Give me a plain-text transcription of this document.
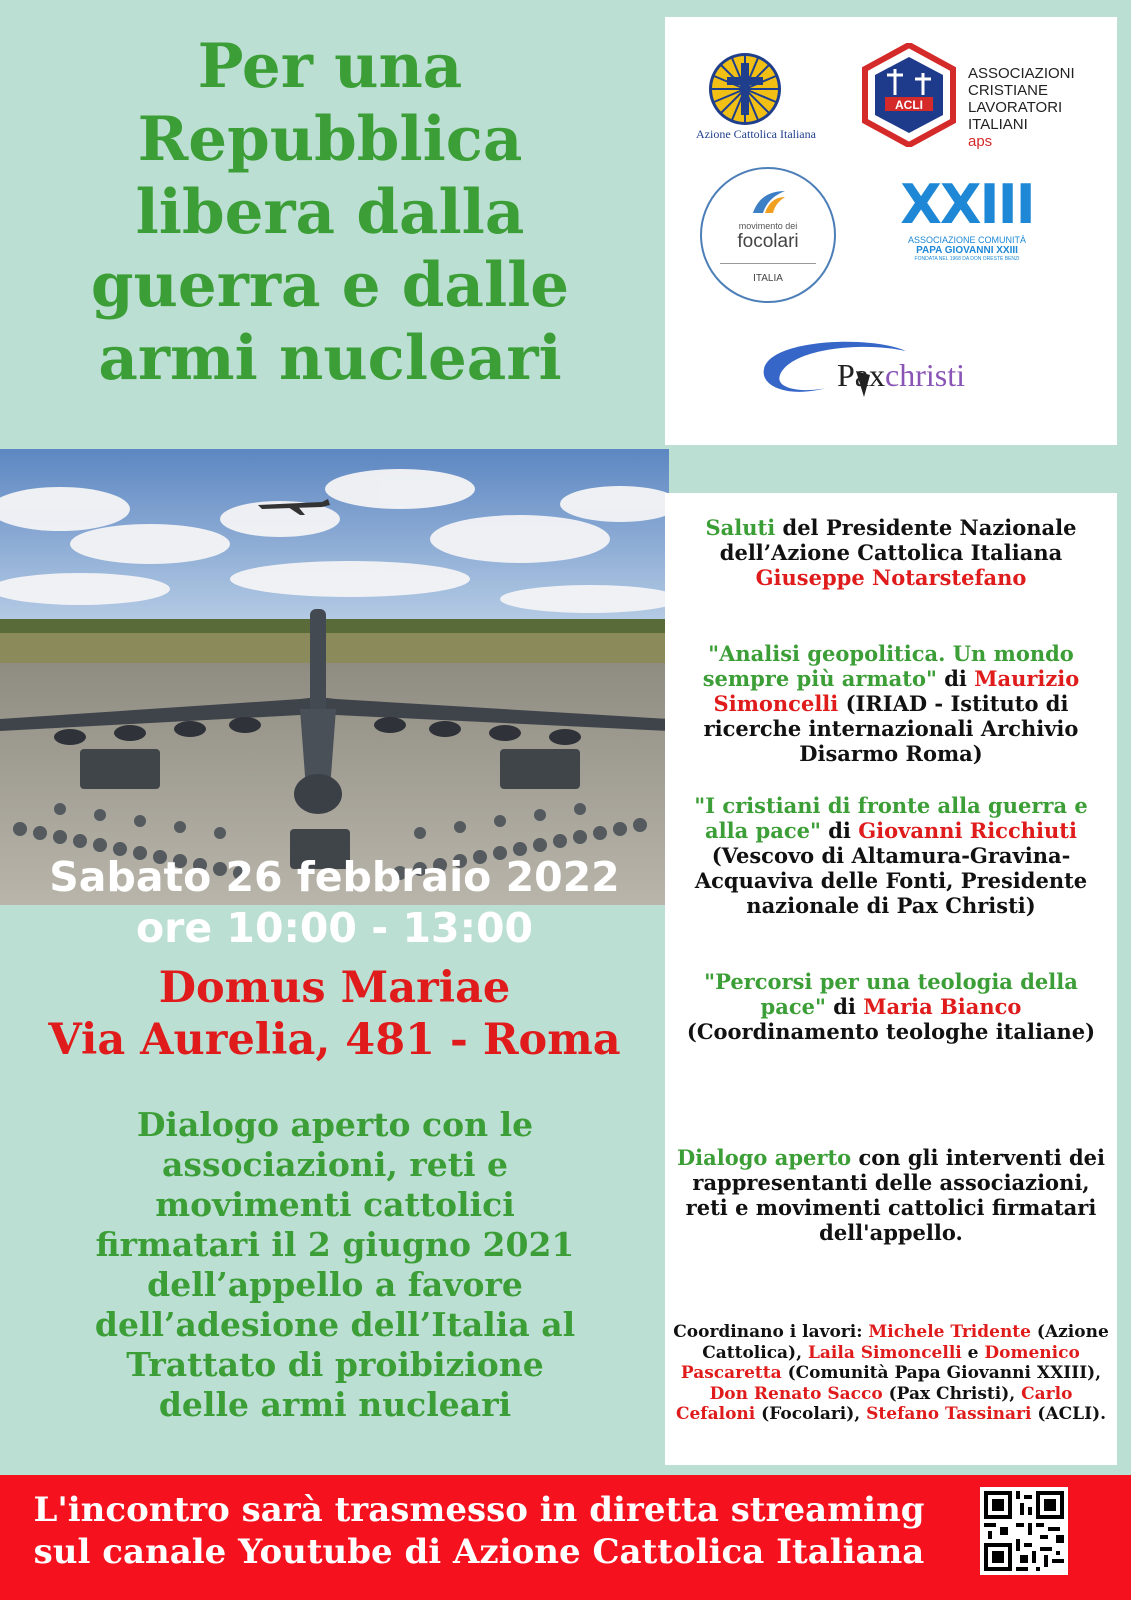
Per una
Repubblica
libera dalla
guerra e dalle
armi nucleari
Azione Cattolica Italiana
ACLI
ASSOCIAZIONI
CRISTIANE
LAVORATORI
ITALIANI
aps
movimento dei
focolari
ITALIA
XXIII
ASSOCIAZIONE COMUNITÀ
PAPA GIOVANNI XXIII
FONDATA NEL 1968 DA DON ORESTE BENZI
Paxchristi
Sabato 26 febbraio 2022
ore 10:00 - 13:00
Domus Mariae
Via Aurelia, 481 - Roma
Dialogo aperto con le
associazioni, reti e
movimenti cattolici
firmatari il 2 giugno 2021
dell’appello a favore
dell’adesione dell’Italia al
Trattato di proibizione
delle armi nucleari
Saluti del Presidente Nazionale dell’Azione Cattolica Italiana
Giuseppe Notarstefano
"Analisi geopolitica. Un mondo sempre più armato" di Maurizio Simoncelli (IRIAD - Istituto di ricerche internazionali Archivio Disarmo Roma)
"I cristiani di fronte alla guerra e alla pace" di Giovanni Ricchiuti (Vescovo di Altamura-Gravina-Acquaviva delle Fonti, Presidente nazionale di Pax Christi)
"Percorsi per una teologia della pace" di Maria Bianco (Coordinamento teologhe italiane)
Dialogo aperto con gli interventi dei rappresentanti delle associazioni, reti e movimenti cattolici firmatari dell'appello.
Coordinano i lavori: Michele Tridente (Azione Cattolica), Laila Simoncelli e Domenico Pascaretta (Comunità Papa Giovanni XXIII), Don Renato Sacco (Pax Christi), Carlo Cefaloni (Focolari), Stefano Tassinari (ACLI).
L'incontro sarà trasmesso in diretta streaming
sul canale Youtube di Azione Cattolica Italiana
